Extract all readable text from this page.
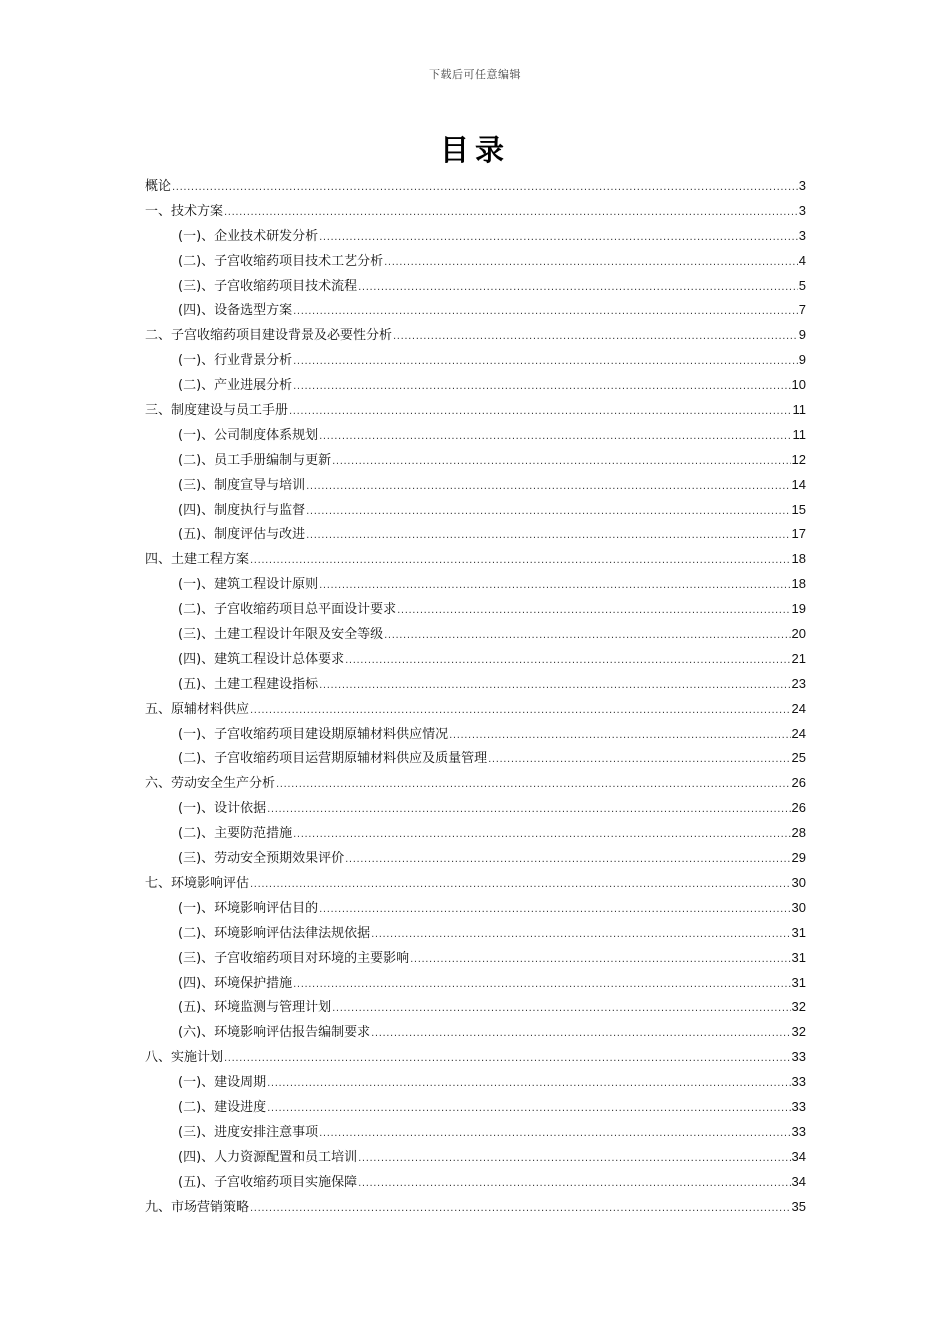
下载后可任意编辑
目录
概论 .....	3
一、技术方案 .....	3
(一)、企业技术研发分析 .....	3
(二)、子宫收缩药项目技术工艺分析 .....	4
(三)、子宫收缩药项目技术流程 .....	5
(四)、设备选型方案 .....	7
二、子宫收缩药项目建设背景及必要性分析 .....	9
(一)、行业背景分析 .....	9
(二)、产业进展分析 .....	10
三、制度建设与员工手册 .....	11
(一)、公司制度体系规划 .....	11
(二)、员工手册编制与更新 .....	12
(三)、制度宣导与培训 .....	14
(四)、制度执行与监督 .....	15
(五)、制度评估与改进 .....	17
四、土建工程方案 .....	18
(一)、建筑工程设计原则 .....	18
(二)、子宫收缩药项目总平面设计要求 .....	19
(三)、土建工程设计年限及安全等级 .....	20
(四)、建筑工程设计总体要求 .....	21
(五)、土建工程建设指标 .....	23
五、原辅材料供应 .....	24
(一)、子宫收缩药项目建设期原辅材料供应情况 .....	24
(二)、子宫收缩药项目运营期原辅材料供应及质量管理 .....	25
六、劳动安全生产分析 .....	26
(一)、设计依据 .....	26
(二)、主要防范措施 .....	28
(三)、劳动安全预期效果评价 .....	29
七、环境影响评估 .....	30
(一)、环境影响评估目的 .....	30
(二)、环境影响评估法律法规依据 .....	31
(三)、子宫收缩药项目对环境的主要影响 .....	31
(四)、环境保护措施 .....	31
(五)、环境监测与管理计划 .....	32
(六)、环境影响评估报告编制要求 .....	32
八、实施计划 .....	33
(一)、建设周期 .....	33
(二)、建设进度 .....	33
(三)、进度安排注意事项 .....	33
(四)、人力资源配置和员工培训 .....	34
(五)、子宫收缩药项目实施保障 .....	34
九、市场营销策略 .....	35
